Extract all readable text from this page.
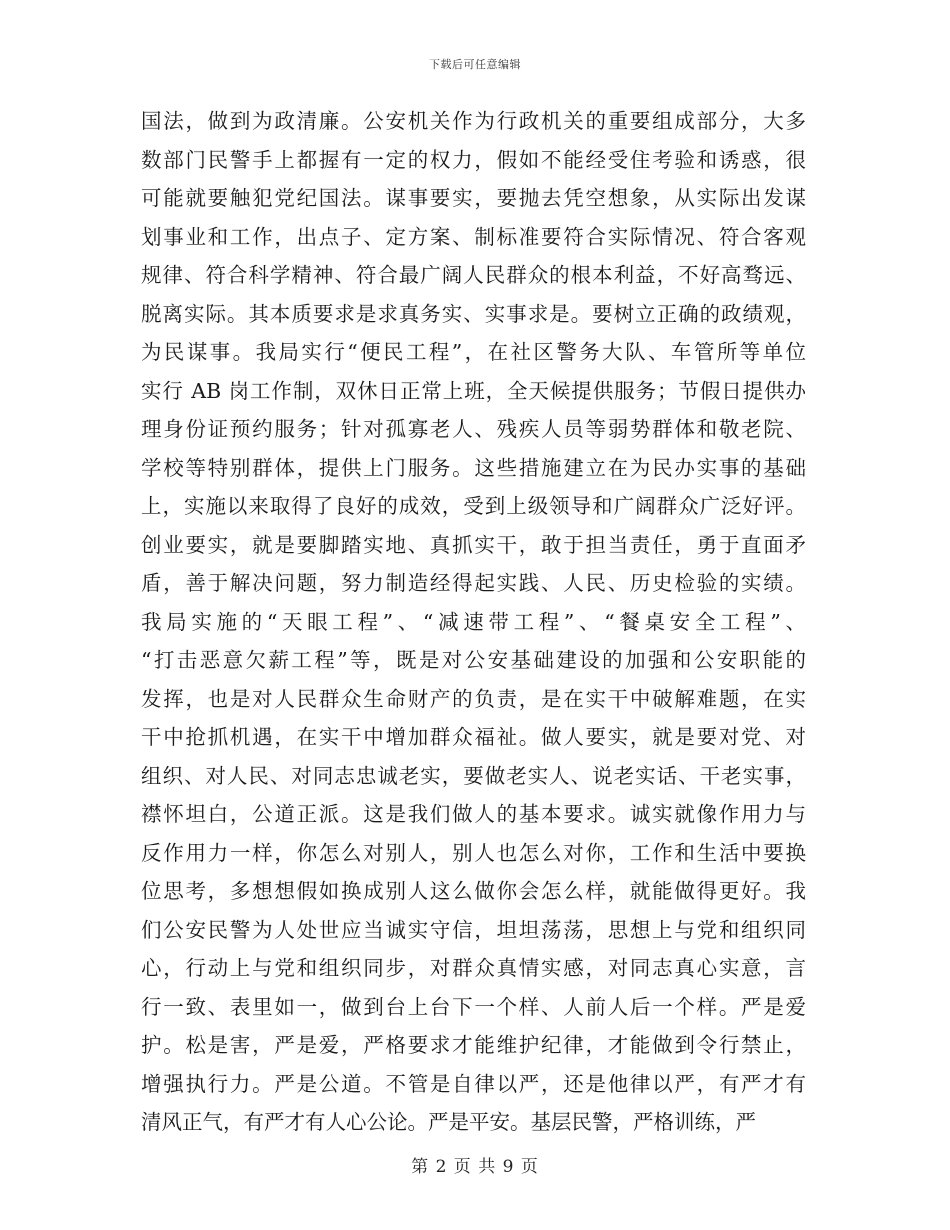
下载后可任意编辑
国法，做到为政清廉。公安机关作为行政机关的重要组成部分，大多
数部门民警手上都握有一定的权力，假如不能经受住考验和诱惑，很
可能就要触犯党纪国法。谋事要实，要抛去凭空想象，从实际出发谋
划事业和工作，出点子、定方案、制标准要符合实际情况、符合客观
规律、符合科学精神、符合最广阔人民群众的根本利益，不好高骛远、
脱离实际。其本质要求是求真务实、实事求是。要树立正确的政绩观，
为民谋事。我局实行“便民工程”，在社区警务大队、车管所等单位
实行 AB 岗工作制，双休日正常上班，全天候提供服务；节假日提供办
理身份证预约服务；针对孤寡老人、残疾人员等弱势群体和敬老院、
学校等特别群体，提供上门服务。这些措施建立在为民办实事的基础
上，实施以来取得了良好的成效，受到上级领导和广阔群众广泛好评。
创业要实，就是要脚踏实地、真抓实干，敢于担当责任，勇于直面矛
盾，善于解决问题，努力制造经得起实践、人民、历史检验的实绩。
我局实施的“天眼工程”、“减速带工程”、“餐桌安全工程”、
“打击恶意欠薪工程”等，既是对公安基础建设的加强和公安职能的
发挥，也是对人民群众生命财产的负责，是在实干中破解难题，在实
干中抢抓机遇，在实干中增加群众福祉。做人要实，就是要对党、对
组织、对人民、对同志忠诚老实，要做老实人、说老实话、干老实事，
襟怀坦白，公道正派。这是我们做人的基本要求。诚实就像作用力与
反作用力一样，你怎么对别人，别人也怎么对你，工作和生活中要换
位思考，多想想假如换成别人这么做你会怎么样，就能做得更好。我
们公安民警为人处世应当诚实守信，坦坦荡荡，思想上与党和组织同
心，行动上与党和组织同步，对群众真情实感，对同志真心实意，言
行一致、表里如一，做到台上台下一个样、人前人后一个样。严是爱
护。松是害，严是爱，严格要求才能维护纪律，才能做到令行禁止，
增强执行力。严是公道。不管是自律以严，还是他律以严，有严才有
清风正气，有严才有人心公论。严是平安。基层民警，严格训练，严
第 2 页 共 9 页
